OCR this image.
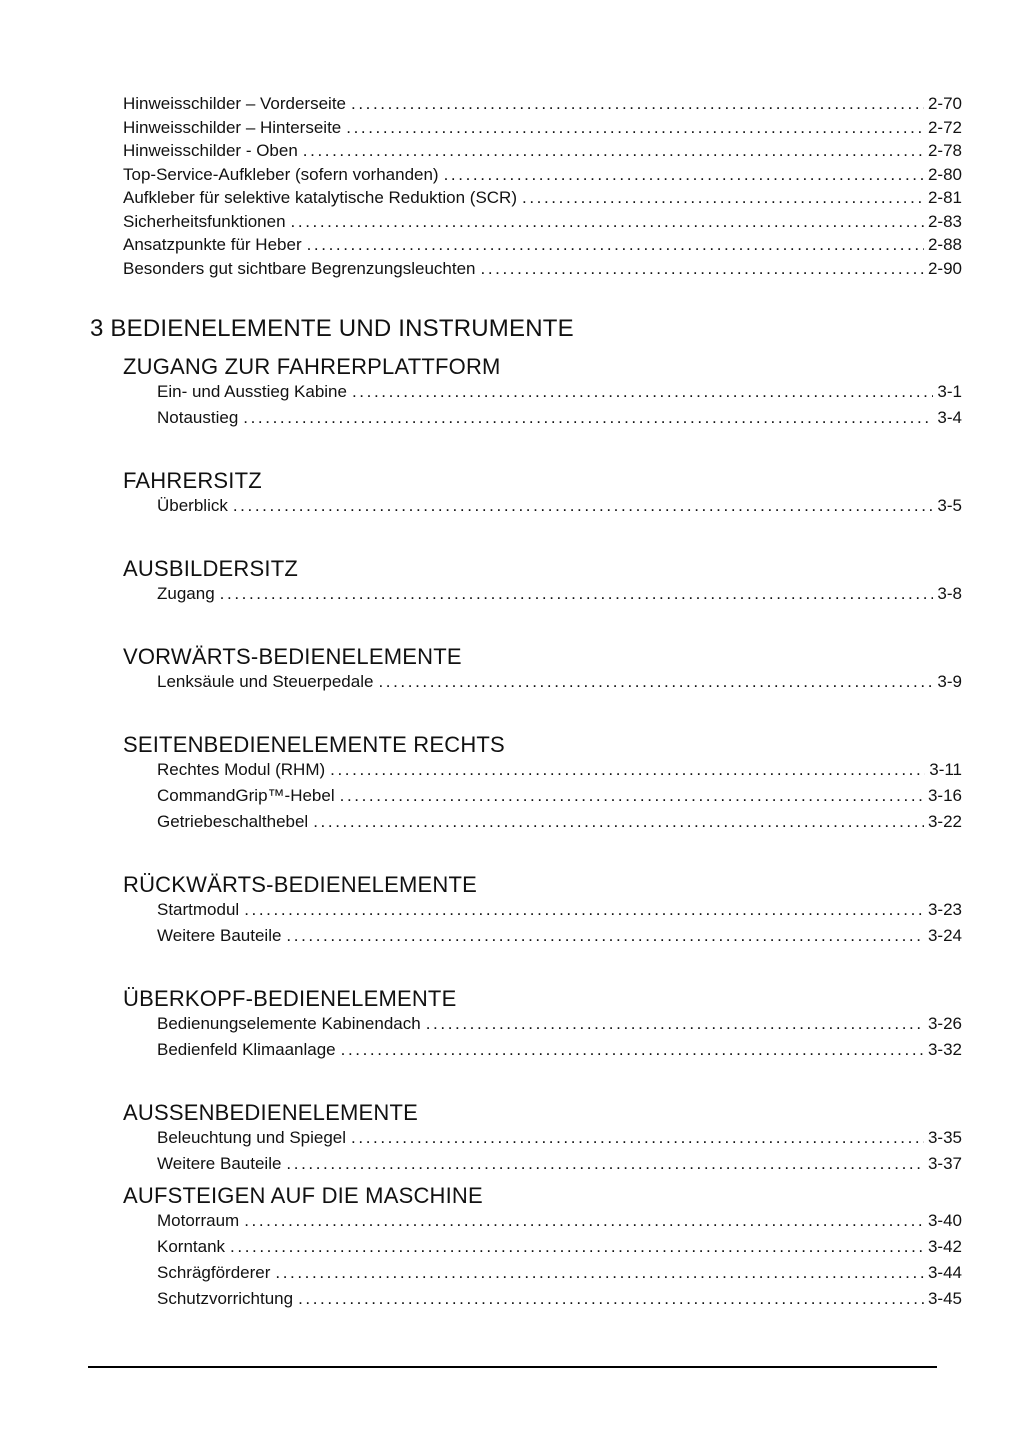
Hinweisschilder – Vorderseite .....	2-70
Hinweisschilder – Hinterseite .....	2-72
Hinweisschilder - Oben .....	2-78
Top-Service-Aufkleber (sofern vorhanden) .....	2-80
Aufkleber für selektive katalytische Reduktion (SCR) .....	2-81
Sicherheitsfunktionen .....	2-83
Ansatzpunkte für Heber .....	2-88
Besonders gut sichtbare Begrenzungsleuchten .....	2-90
3 BEDIENELEMENTE UND INSTRUMENTE
ZUGANG ZUR FAHRERPLATTFORM
Ein- und Ausstieg Kabine .....	3-1
Notaustieg .....	3-4
FAHRERSITZ
Überblick .....	3-5
AUSBILDERSITZ
Zugang .....	3-8
VORWÄRTS-BEDIENELEMENTE
Lenksäule und Steuerpedale .....	3-9
SEITENBEDIENELEMENTE RECHTS
Rechtes Modul (RHM) .....	3-11
CommandGrip™-Hebel .....	3-16
Getriebeschalthebel .....	3-22
RÜCKWÄRTS-BEDIENELEMENTE
Startmodul .....	3-23
Weitere Bauteile .....	3-24
ÜBERKOPF-BEDIENELEMENTE
Bedienungselemente Kabinendach .....	3-26
Bedienfeld Klimaanlage .....	3-32
AUSSENBEDIENELEMENTE
Beleuchtung und Spiegel .....	3-35
Weitere Bauteile .....	3-37
AUFSTEIGEN AUF DIE MASCHINE
Motorraum .....	3-40
Korntank .....	3-42
Schrägförderer .....	3-44
Schutzvorrichtung .....	3-45
